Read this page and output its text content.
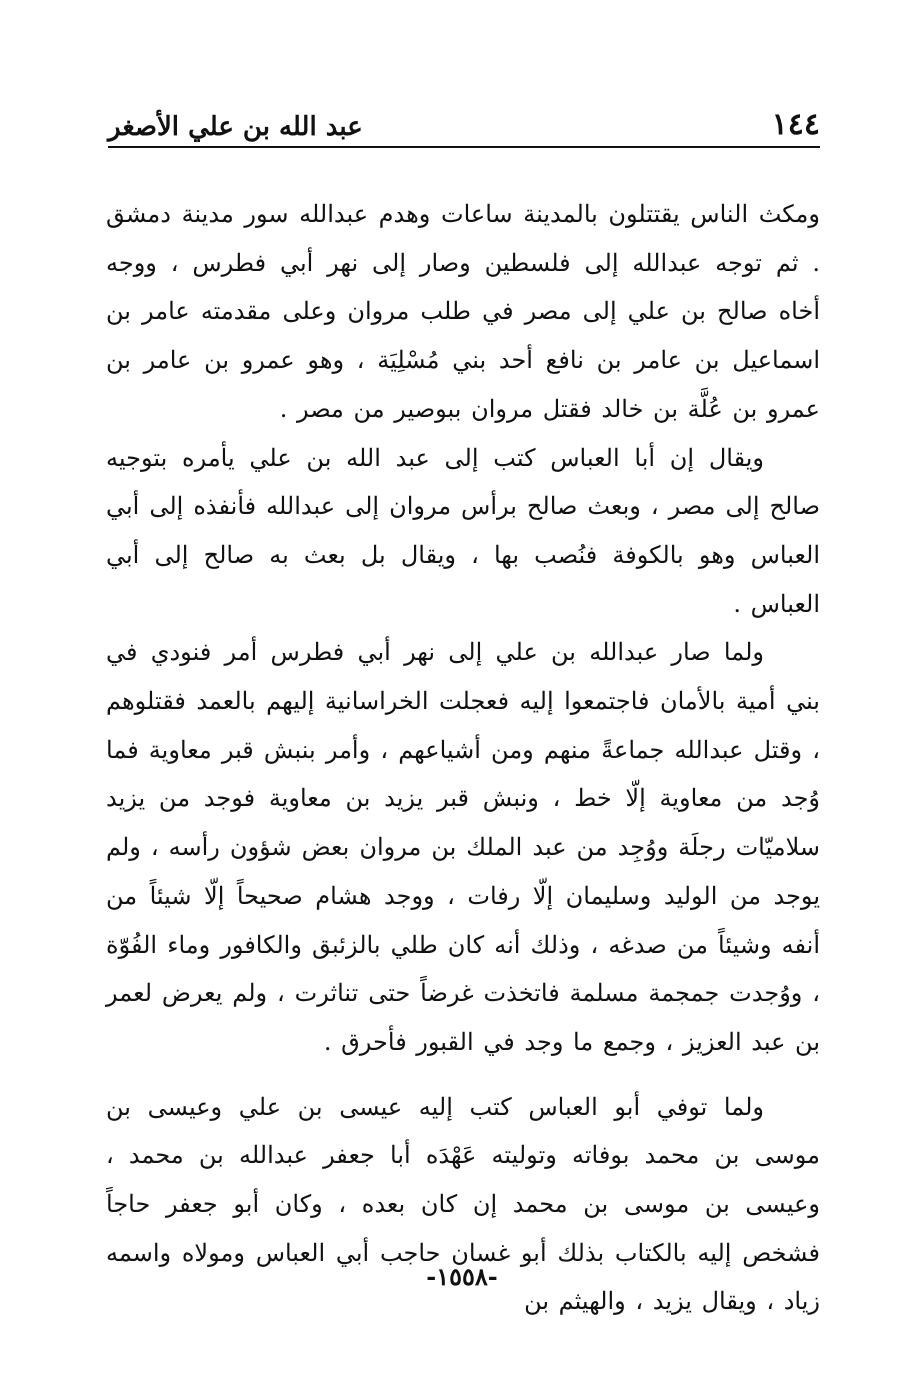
١٤٤
عبد الله بن علي الأصغر

ومكث الناس يقتتلون بالمدينة ساعات وهدم عبدالله سور مدينة دمشق . ثم توجه عبدالله إلى فلسطين وصار إلى نهر أبي فطرس ، ووجه أخاه صالح بن علي إلى مصر في طلب مروان وعلى مقدمته عامر بن اسماعيل بن عامر بن نافع أحد بني مُسْلِيَة ، وهو عمرو بن عامر بن عمرو بن عُلَّة بن خالد فقتل مروان ببوصير من مصر .

ويقال إن أبا العباس كتب إلى عبد الله بن علي يأمره بتوجيه صالح إلى مصر ، وبعث صالح برأس مروان إلى عبدالله فأنفذه إلى أبي العباس وهو بالكوفة فنُصب بها ، ويقال بل بعث به صالح إلى أبي العباس .

ولما صار عبدالله بن علي إلى نهر أبي فطرس أمر فنودي في بني أمية بالأمان فاجتمعوا إليه فعجلت الخراسانية إليهم بالعمد فقتلوهم ، وقتل عبدالله جماعةً منهم ومن أشياعهم ، وأمر بنبش قبر معاوية فما وُجد من معاوية إلّا خط ، ونبش قبر يزيد بن معاوية فوجد من يزيد سلاميّات رجلَة ووُجِد من عبد الملك بن مروان بعض شؤون رأسه ، ولم يوجد من الوليد وسليمان إلّا رفات ، ووجد هشام صحيحاً إلّا شيئاً من أنفه وشيئاً من صدغه ، وذلك أنه كان طلي بالزئبق والكافور وماء الفُوّة ، ووُجدت جمجمة مسلمة فاتخذت غرضاً حتى تناثرت ، ولم يعرض لعمر بن عبد العزيز ، وجمع ما وجد في القبور فأحرق .

ولما توفي أبو العباس كتب إليه عيسى بن علي وعيسى بن موسى بن محمد بوفاته وتوليته عَهْدَه أبا جعفر عبدالله بن محمد ، وعيسى بن موسى بن محمد إن كان بعده ، وكان أبو جعفر حاجاً فشخص إليه بالكتاب بذلك أبو غسان حاجب أبي العباس ومولاه واسمه زياد ، ويقال يزيد ، والهيثم بن

-١٥٥٨-
